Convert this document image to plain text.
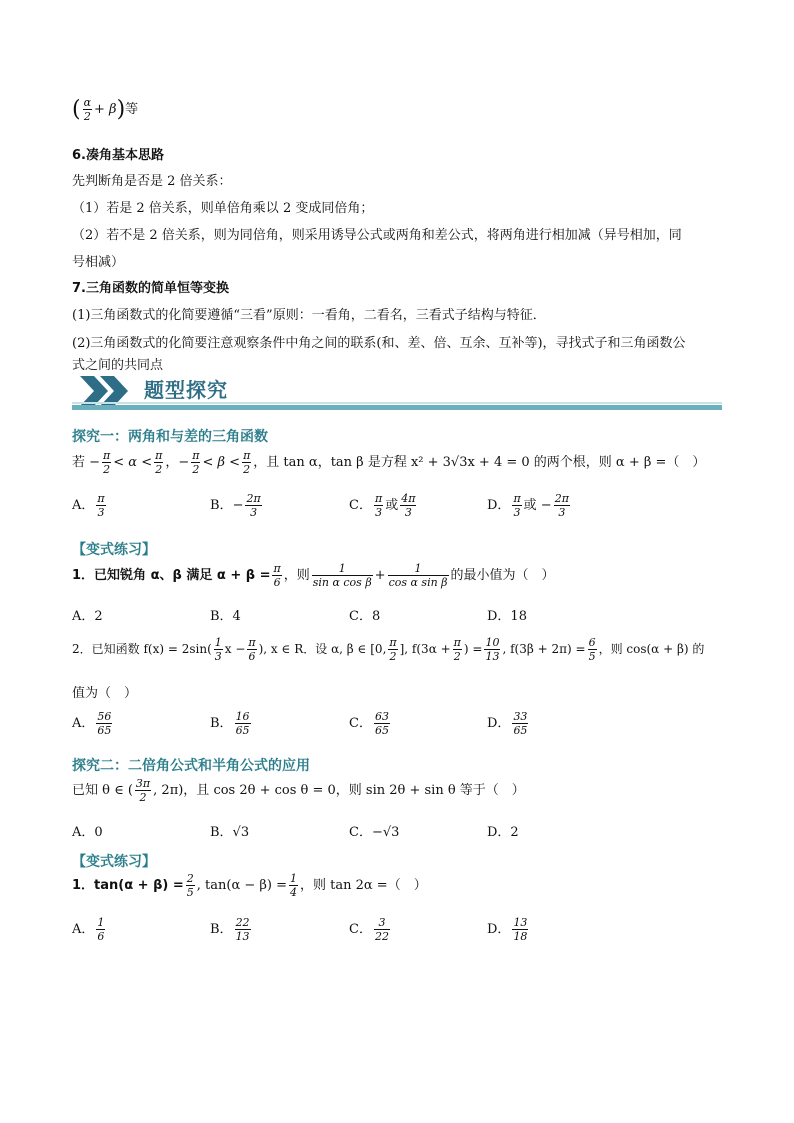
( $\frac{\alpha}{2} + \beta$)等
6.凑角基本思路
先判断角是否是 2 倍关系：
（1）若是 2 倍关系，则单倍角乘以 2 变成同倍角；
（2）若不是 2 倍关系，则为同倍角，则采用诱导公式或两角和差公式，将两角进行相加减（异号相加，同
号相减）
7.三角函数的简单恒等变换
(1)三角函数式的化简要遵循“三看”原则：一看角，二看名，三看式子结构与特征．
(2)三角函数式的化简要注意观察条件中角之间的联系(和、差、倍、互余、互补等)，寻找式子和三角函数公
式之间的共同点
题型探究
探究一：两角和与差的三角函数
若 − $\frac{\pi}{2} < \alpha < \frac{\pi}{2}$ ，− $\frac{\pi}{2} < \beta < \frac{\pi}{2}$ ，且 tan α，tan β 是方程 x² + 3√3x + 4 = 0 的两个根，则 α + β =（　）
A． $\frac{\pi}{3}$	B．− $\frac{2\pi}{3}$	C． $\frac{\pi}{3}$ 或 $\frac{4\pi}{3}$	D． $\frac{\pi}{3}$ 或 − $\frac{2\pi}{3}$
【变式练习】
1．已知锐角 α、β 满足 $\alpha + \beta = \frac{\pi}{6}$ ，则 $\frac{1}{\text{sin α cos β}} + \frac{1}{\text{cos α sin β}}$ 的最小值为（　）
A．2	B．4	C．8	D．18
2．已知函数 $f(x) = 2\sin( \frac{1}{3}$ $x - \frac{\pi}{6}$ ), x ∈ R．设 α, β ∈ [0, $\frac{\pi}{2}$ ], $f(3\alpha + \frac{\pi}{2}$ ) = $\frac{10}{13}$ , $f(3\beta + 2\pi) = \frac{6}{5}$ ，则 cos(α + β) 的
值为（　）
A． $\frac{56}{65}$	B． $\frac{16}{65}$	C． $\frac{63}{65}$	D． $\frac{33}{65}$
探究二：二倍角公式和半角公式的应用
已知 θ ∈ ( $\frac{3\pi}{2}$ , 2π)，且 cos 2θ + cos θ = 0，则 sin 2θ + sin θ 等于（　）
A．0	B．√3	C．−√3	D．2
【变式练习】
1．$\tan(\alpha + \beta) = \frac{2}{5}$ , $\tan(\alpha - \beta) = \frac{1}{4}$ ，则 tan 2α =（　）
A． $\frac{1}{6}$	B． $\frac{22}{13}$	C． $\frac{3}{22}$	D． $\frac{13}{18}$
